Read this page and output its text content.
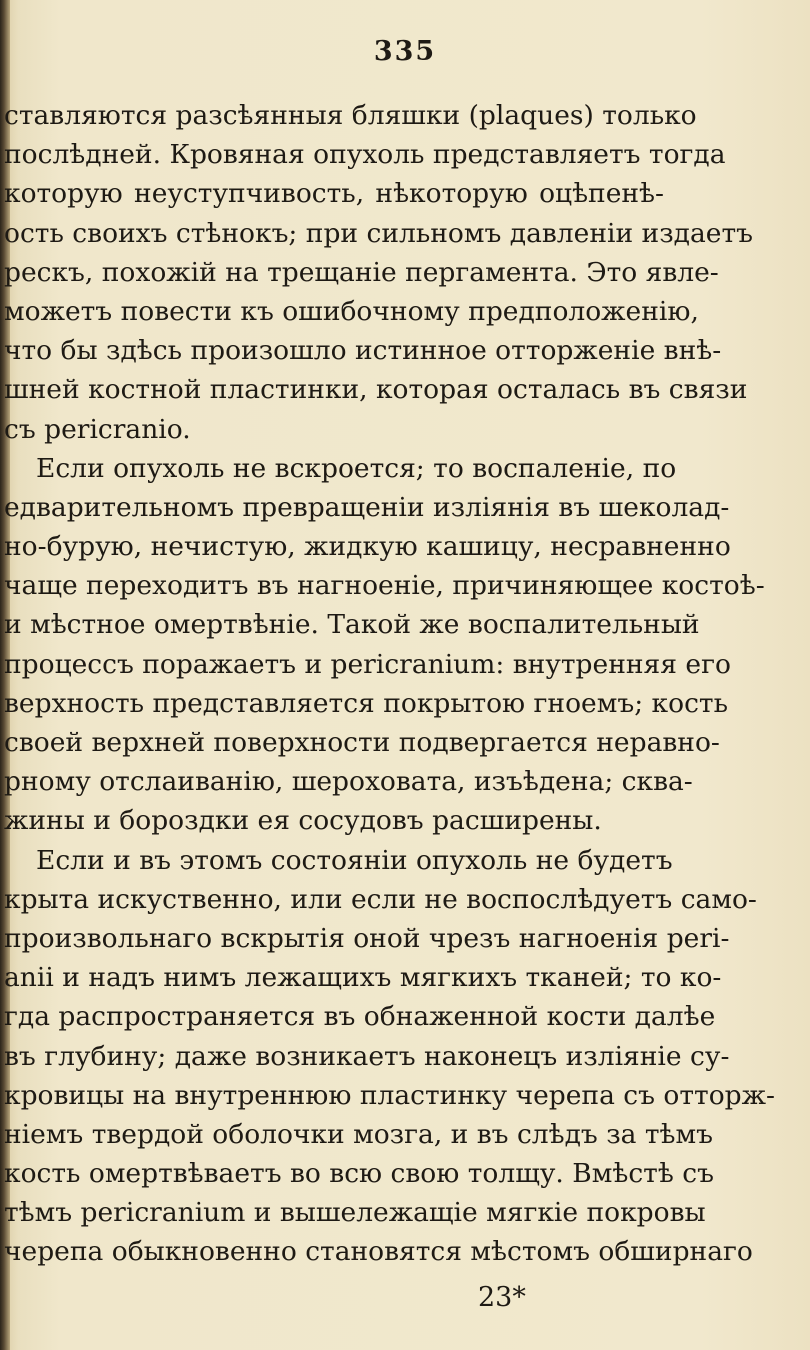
335
ставляются разсѣянныя бляшки (plaques) только
послѣдней. Кровяная опухоль представляетъ тогда
которую неуступчивость, нѣкоторую оцѣпенѣ-
ость своихъ стѣнокъ; при сильномъ давленіи издаетъ
рескъ, похожій на трещаніе пергамента. Это явле-
можетъ повести къ ошибочному предположенію,
что бы здѣсь произошло истинное отторженіе внѣ-
шней костной пластинки, которая осталась въ связи
съ pericranio.
Если опухоль не вскроется; то воспаленіе, по
едварительномъ превращеніи изліянія въ шеколад-
но-бурую, нечистую, жидкую кашицу, несравненно
чаще переходитъ въ нагноеніе, причиняющее костоѣ-
и мѣстное омертвѣніе. Такой же воспалительный
процессъ поражаетъ и pericranium: внутренняя его
верхность представляется покрытою гноемъ; кость
своей верхней поверхности подвергается неравно-
рному отслаиванію, шероховата, изъѣдена; сква-
жины и бороздки ея сосудовъ расширены.
Если и въ этомъ состояніи опухоль не будетъ
крыта искуственно, или если не воспослѣдуетъ само-
произвольнаго вскрытія оной чрезъ нагноенія peri-
anii и надъ нимъ лежащихъ мягкихъ тканей; то ко-
гда распространяется въ обнаженной кости далѣе
въ глубину; даже возникаетъ наконецъ изліяніе су-
кровицы на внутреннюю пластинку черепа съ отторж-
ніемъ твердой оболочки мозга, и въ слѣдъ за тѣмъ
кость омертвѣваетъ во всю свою толщу. Вмѣстѣ съ
тѣмъ pericranium и вышележащіе мягкіе покровы
черепа обыкновенно становятся мѣстомъ обширнаго
23*
